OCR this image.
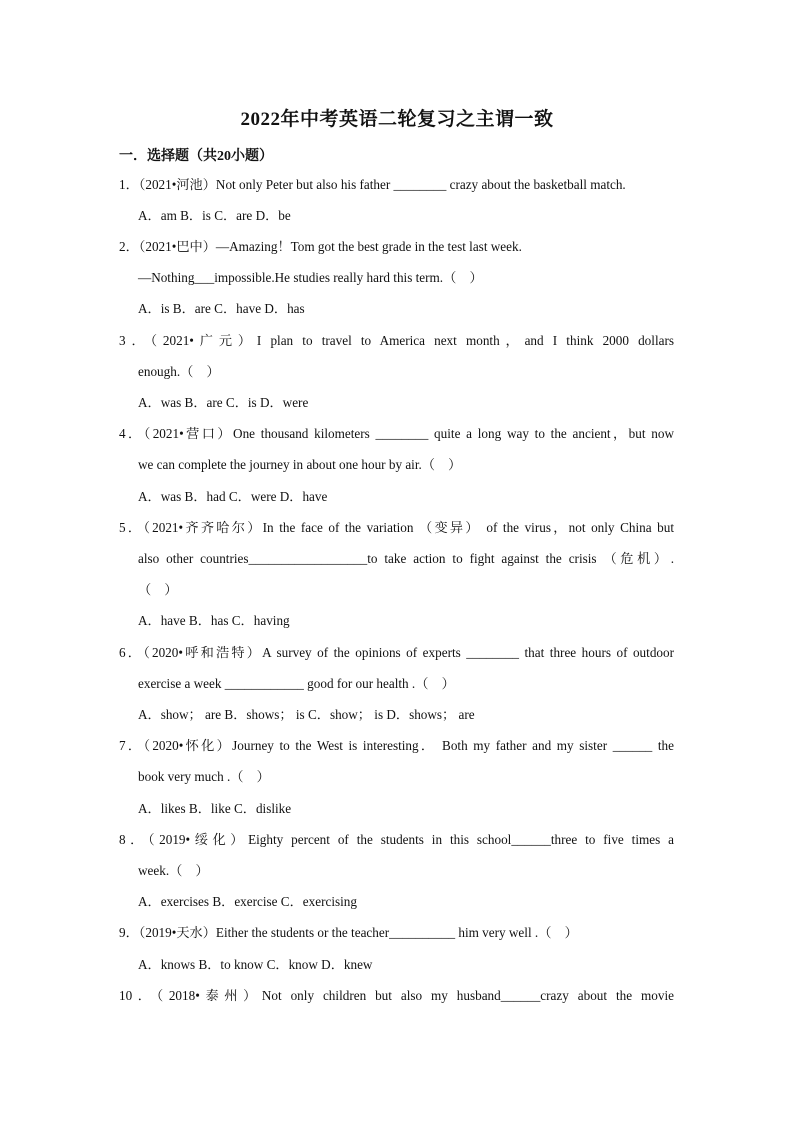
2022年中考英语二轮复习之主谓一致
一．选择题（共20小题）
1．（2021•河池）Not only Peter but also his father ________ crazy about the basketball match.
A．am B．is C．are D．be
2．（2021•巴中）—Amazing！Tom got the best grade in the test last week.
—Nothing___impossible.He studies really hard this term.（　）
A．is B．are C．have D．has
3．（2021•广元）I plan to travel to America next month，and I think 2000 dollars
enough.（　）
A．was B．are C．is D．were
4．（2021•营口）One thousand kilometers ________ quite a long way to the ancient，but now
we can complete the journey in about one hour by air.（　）
A．was B．had C．were D．have
5．（2021•齐齐哈尔）In the face of the variation （变异） of the virus，not only China but
also other countries__________________to take action to fight against the crisis （危机）.
（　）
A．have B．has C．having
6．（2020•呼和浩特）A survey of the opinions of experts ________ that three hours of outdoor
exercise a week ____________ good for our health .（　）
A．show； are B．shows； is C．show； is D．shows； are
7．（2020•怀化）Journey to the West is interesting． Both my father and my sister ______ the
book very much .（　）
A．likes B．like C．dislike
8．（2019•绥化）Eighty percent of the students in this school______three to five times a
week.（　）
A．exercises B．exercise C．exercising
9．（2019•天水）Either the students or the teacher__________ him very well .（　）
A．knows B．to know C．know D．knew
10．（2018•泰州）Not only children but also my husband______crazy about the movie
